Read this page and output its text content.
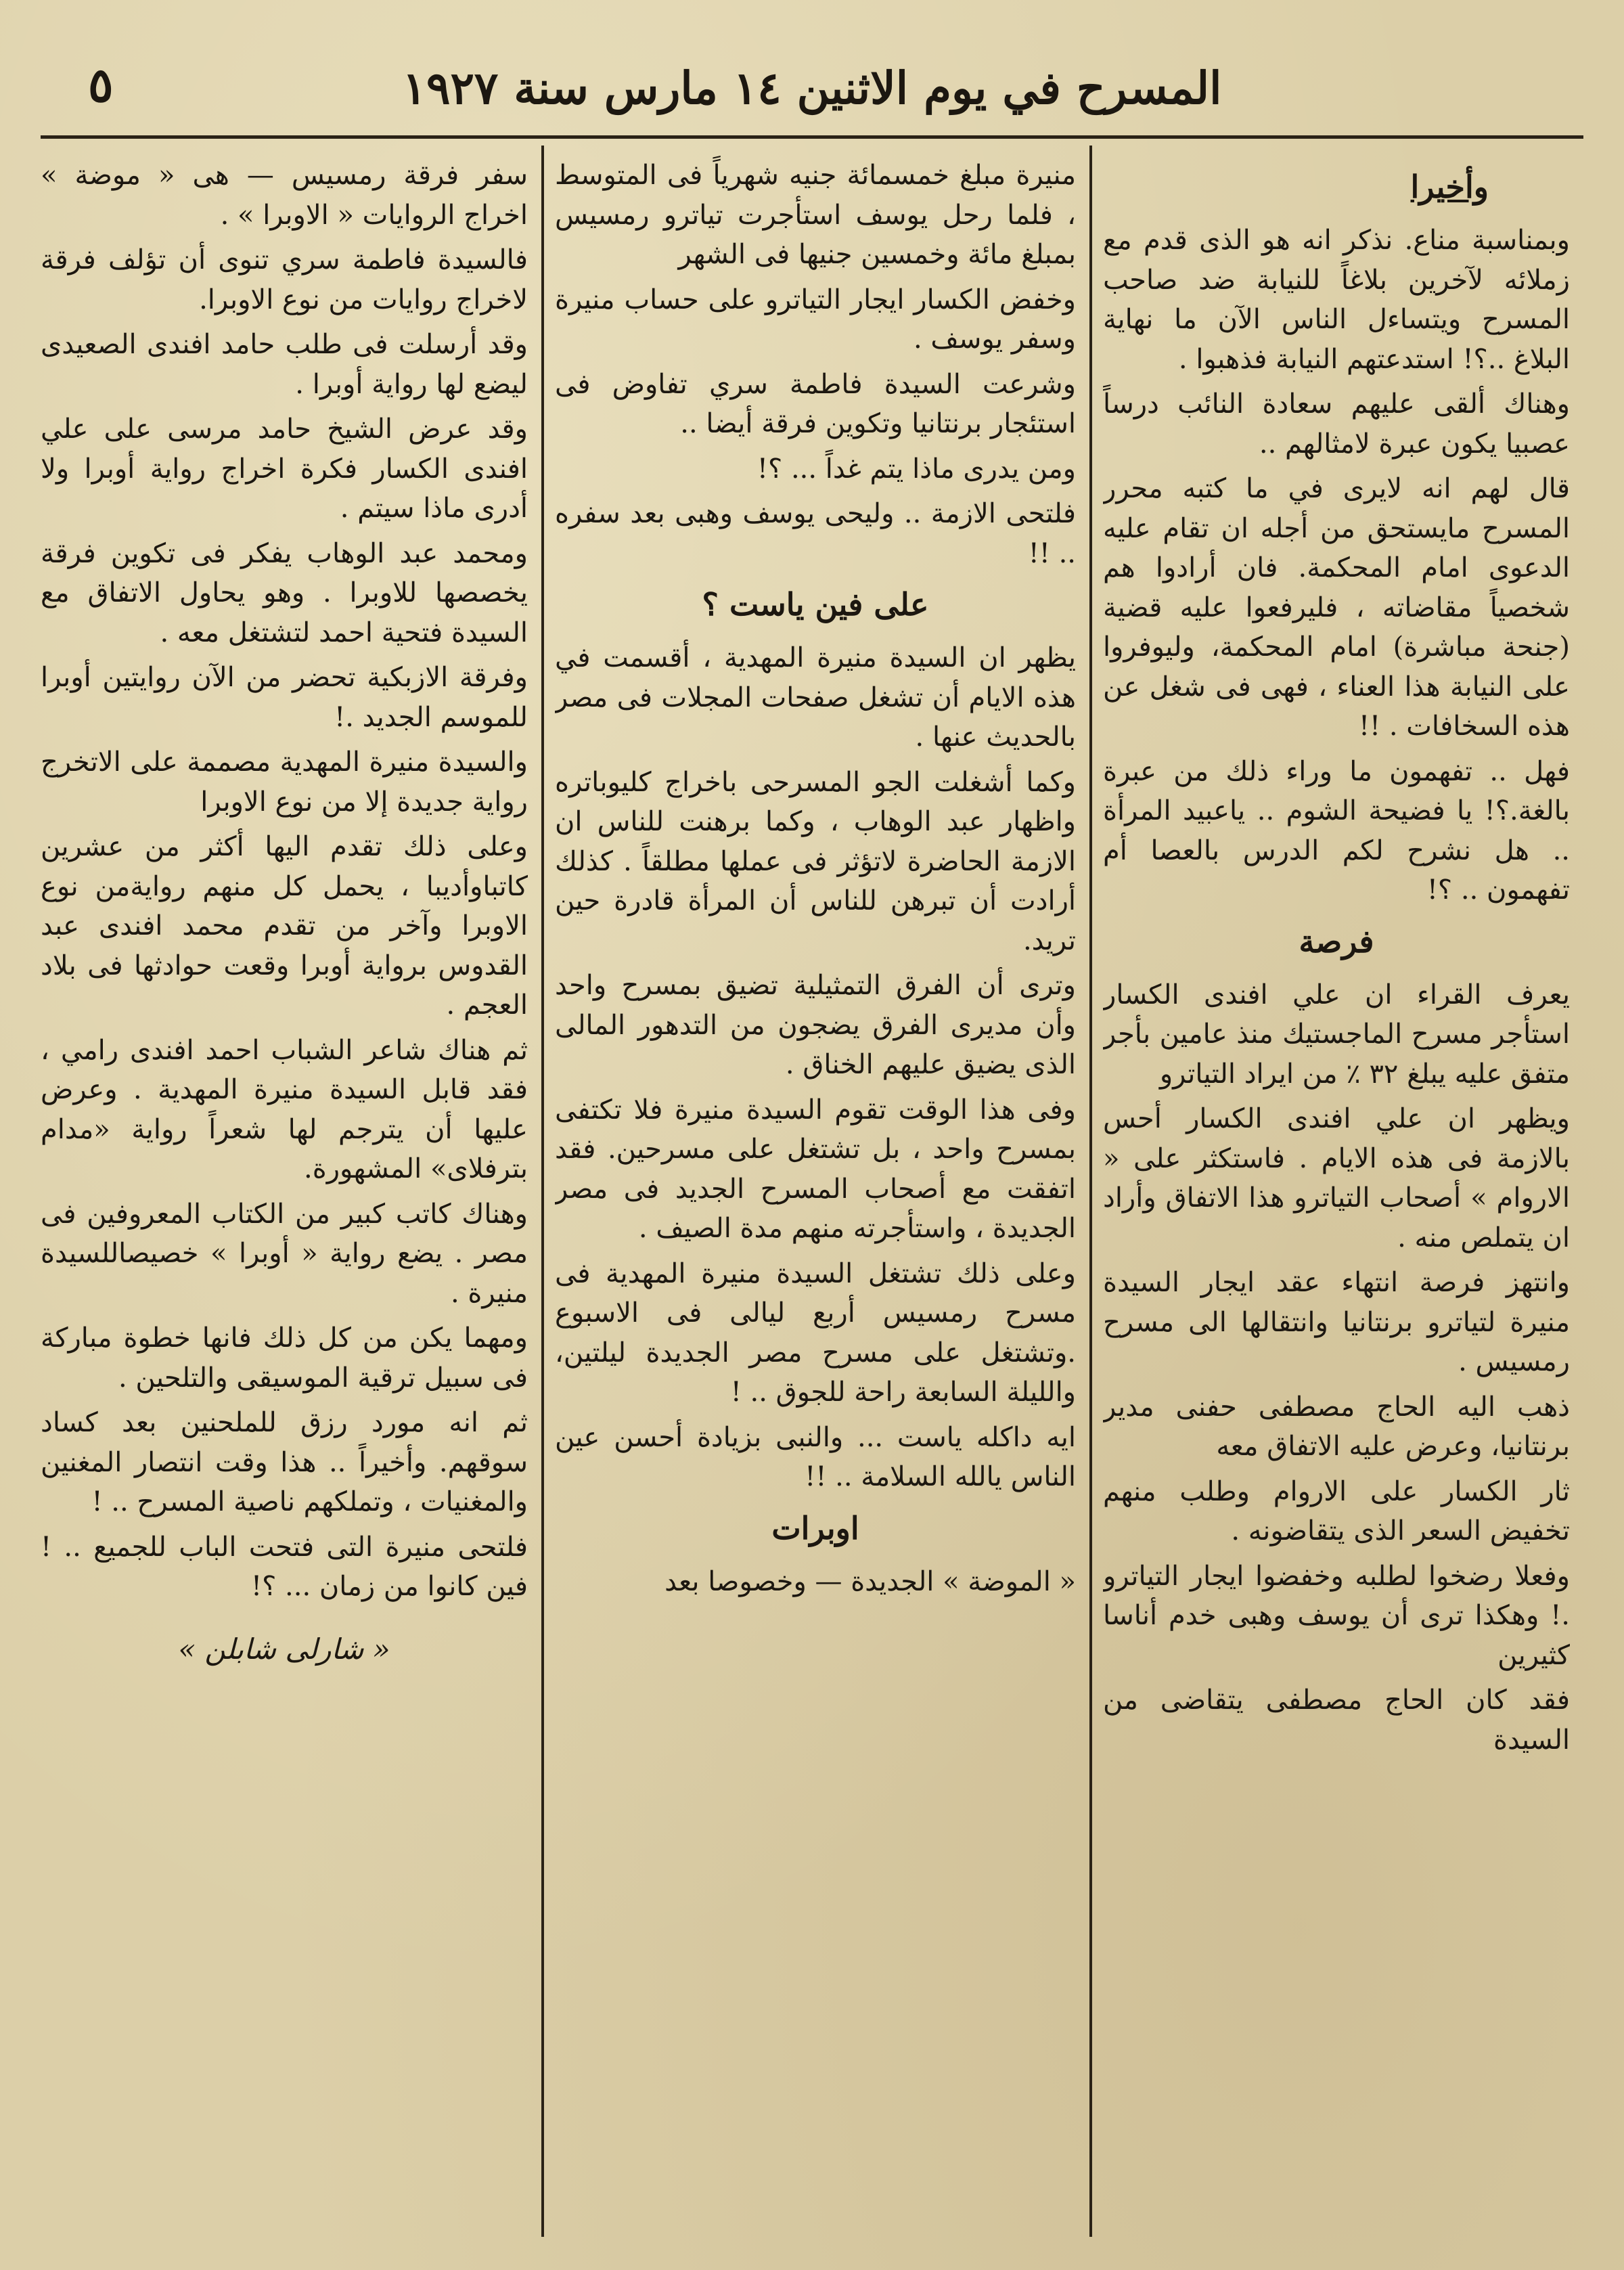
٥	المسرح في يوم الاثنين ١٤ مارس سنة ١٩٢٧
وأخيرا

وبمناسبة مناع. نذكر انه هو الذى قدم مع زملائه لآخرين بلاغاً للنيابة ضد صاحب المسرح ويتساءل الناس الآن ما نهاية البلاغ ..؟! استدعتهم النيابة فذهبوا .

وهناك ألقى عليهم سعادة النائب درساً عصبيا يكون عبرة لامثالهم ..

قال لهم انه لايرى في ما كتبه محرر المسرح مايستحق من أجله ان تقام عليه الدعوى امام المحكمة. فان أرادوا هم شخصياً مقاضاته ، فليرفعوا عليه قضية (جنحة مباشرة) امام المحكمة، وليوفروا على النيابة هذا العناء ، فهى فى شغل عن هذه السخافات . !!

فهل .. تفهمون ما وراء ذلك من عبرة بالغة.؟! يا فضيحة الشوم .. ياعبيد المرأة .. هل نشرح لكم الدرس بالعصا أم تفهمون .. ؟!

فرصة

يعرف القراء ان علي افندى الكسار استأجر مسرح الماجستيك منذ عامين بأجر متفق عليه يبلغ ٣٢ ٪ من ايراد التياترو

ويظهر ان علي افندى الكسار أحس بالازمة فى هذه الايام . فاستكثر على « الاروام » أصحاب التياترو هذا الاتفاق وأراد ان يتملص منه .

وانتهز فرصة انتهاء عقد ايجار السيدة منيرة لتياترو برنتانيا وانتقالها الى مسرح رمسيس .

ذهب اليه الحاج مصطفى حفنى مدير برنتانيا، وعرض عليه الاتفاق معه

ثار الكسار على الاروام وطلب منهم تخفيض السعر الذى يتقاضونه .

وفعلا رضخوا لطلبه وخفضوا ايجار التياترو .! وهكذا ترى أن يوسف وهبى خدم أناسا كثيرين

فقد كان الحاج مصطفى يتقاضى من السيدة

منيرة مبلغ خمسمائة جنيه شهرياً فى المتوسط ، فلما رحل يوسف استأجرت تياترو رمسيس بمبلغ مائة وخمسين جنيها فى الشهر

وخفض الكسار ايجار التياترو على حساب منيرة وسفر يوسف .

وشرعت السيدة فاطمة سري تفاوض فى استئجار برنتانيا وتكوين فرقة أيضا ..

ومن يدرى ماذا يتم غداً ... ؟!

فلتحى الازمة .. وليحى يوسف وهبى بعد سفره .. !!

على فين ياست ؟

يظهر ان السيدة منيرة المهدية ، أقسمت في هذه الايام أن تشغل صفحات المجلات فى مصر بالحديث عنها .

وكما أشغلت الجو المسرحى باخراج كليوباتره واظهار عبد الوهاب ، وكما برهنت للناس ان الازمة الحاضرة لاتؤثر فى عملها مطلقاً . كذلك أرادت أن تبرهن للناس أن المرأة قادرة حين تريد.

وترى أن الفرق التمثيلية تضيق بمسرح واحد وأن مديرى الفرق يضجون من التدهور المالى الذى يضيق عليهم الخناق .

وفى هذا الوقت تقوم السيدة منيرة فلا تكتفى بمسرح واحد ، بل تشتغل على مسرحين. فقد اتفقت مع أصحاب المسرح الجديد فى مصر الجديدة ، واستأجرته منهم مدة الصيف .

وعلى ذلك تشتغل السيدة منيرة المهدية فى مسرح رمسيس أربع ليالى فى الاسبوع .وتشتغل على مسرح مصر الجديدة ليلتين، والليلة السابعة راحة للجوق .. !

ايه داكله ياست ... والنبى بزيادة أحسن عين الناس يالله السلامة .. !!

اوبرات

« الموضة » الجديدة — وخصوصا بعد

سفر فرقة رمسيس — هى « موضة » اخراج الروايات « الاوبرا » .

فالسيدة فاطمة سري تنوى أن تؤلف فرقة لاخراج روايات من نوع الاوبرا.

وقد أرسلت فى طلب حامد افندى الصعيدى ليضع لها رواية أوبرا .

وقد عرض الشيخ حامد مرسى على علي افندى الكسار فكرة اخراج رواية أوبرا ولا أدرى ماذا سيتم .

ومحمد عبد الوهاب يفكر فى تكوين فرقة يخصصها للاوبرا . وهو يحاول الاتفاق مع السيدة فتحية احمد لتشتغل معه .

وفرقة الازبكية تحضر من الآن روايتين أوبرا للموسم الجديد .!

والسيدة منيرة المهدية مصممة على الاتخرج رواية جديدة إلا من نوع الاوبرا

وعلى ذلك تقدم اليها أكثر من عشرين كاتباوأديبا ، يحمل كل منهم روايةمن نوع الاوبرا وآخر من تقدم محمد افندى عبد القدوس برواية أوبرا وقعت حوادثها فى بلاد العجم .

ثم هناك شاعر الشباب احمد افندى رامي ، فقد قابل السيدة منيرة المهدية . وعرض عليها أن يترجم لها شعراً رواية «مدام بترفلاى» المشهورة.

وهناك كاتب كبير من الكتاب المعروفين فى مصر . يضع رواية « أوبرا » خصيصاللسيدة منيرة .

ومهما يكن من كل ذلك فانها خطوة مباركة فى سبيل ترقية الموسيقى والتلحين .

ثم انه مورد رزق للملحنين بعد كساد سوقهم. وأخيراً .. هذا وقت انتصار المغنين والمغنيات ، وتملكهم ناصية المسرح .. !

فلتحى منيرة التى فتحت الباب للجميع .. ! فين كانوا من زمان ... ؟!

« شارلى شابلن »
